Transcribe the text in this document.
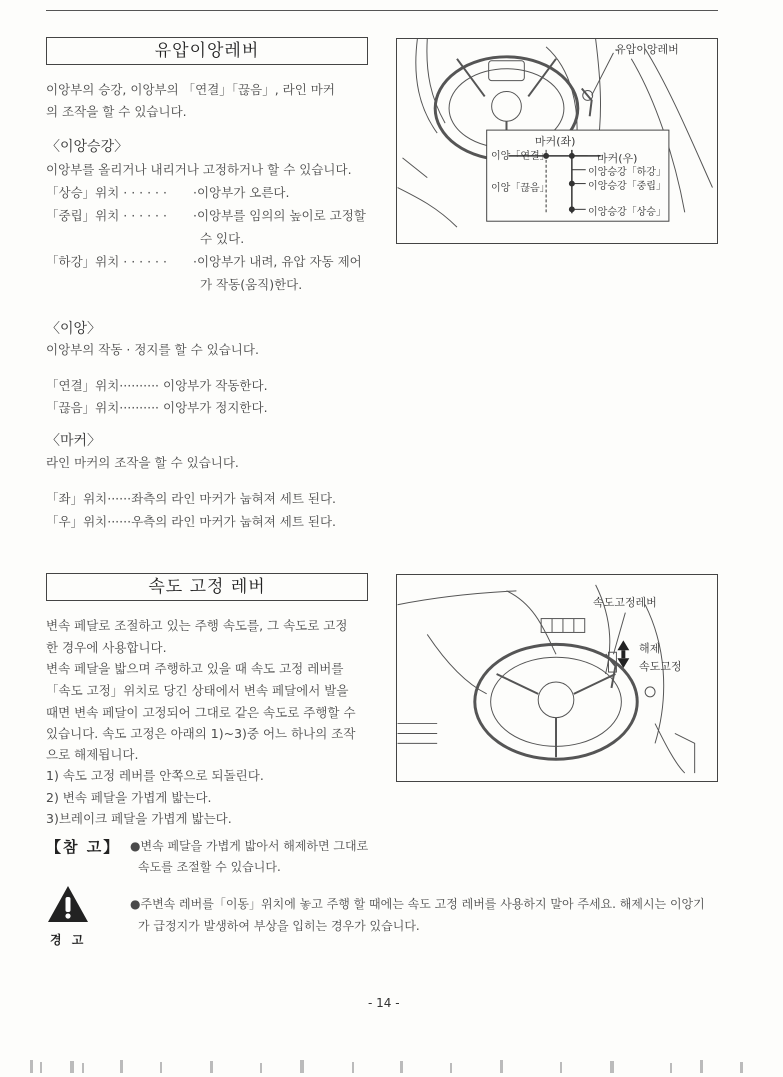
유압이앙레버
이앙부의 승강, 이앙부의 「연결」「끊음」, 라인 마커
의 조작을 할 수 있습니다.
〈이앙승강〉
이앙부를 올리거나 내리거나 고정하거나 할 수 있습니다.
「상승」위치 · · · · · · ·이앙부가 오른다.
「중립」위치 · · · · · · ·이앙부를 임의의 높이로 고정할
수 있다.
「하강」위치 · · · · · · ·이앙부가 내려, 유압 자동 제어
가 작동(움직)한다.
〈이앙〉
이앙부의 작동 · 정지를 할 수 있습니다.
「연결」위치·········· 이앙부가 작동한다.
「끊음」위치·········· 이앙부가 정지한다.
〈마커〉
라인 마커의 조작을 할 수 있습니다.
「좌」위치······좌측의 라인 마커가 눕혀져 세트 된다.
「우」위치······우측의 라인 마커가 눕혀져 세트 된다.
유압이앙레버
마커(좌)
이앙「연결」	마커(우)
이앙승강「하강」
이앙「끊음」	이앙승강「중립」
이앙승강「상승」
속도 고정 레버
변속 페달로 조절하고 있는 주행 속도를, 그 속도로 고정
한 경우에 사용합니다.
변속 페달을 밟으며 주행하고 있을 때 속도 고정 레버를
「속도 고정」위치로 당긴 상태에서 변속 페달에서 발을
때면 변속 페달이 고정되어 그대로 같은 속도로 주행할 수
있습니다. 속도 고정은 아래의 1)~3)중 어느 하나의 조작
으로 해제됩니다.
1) 속도 고정 레버를 안쪽으로 되돌린다.
2) 변속 페달을 가볍게 밟는다.
3)브레이크 페달을 가볍게 밟는다.
속도고정레버
해제
속도고정
【참 고】 ●변속 페달을 가볍게 밟아서 해제하면 그대로
속도를 조절할 수 있습니다.
경 고
●주변속 레버를「이동」위치에 놓고 주행 할 때에는 속도 고정 레버를 사용하지 말아 주세요. 해제시는 이앙기
가 급정지가 발생하여 부상을 입히는 경우가 있습니다.
- 14 -
